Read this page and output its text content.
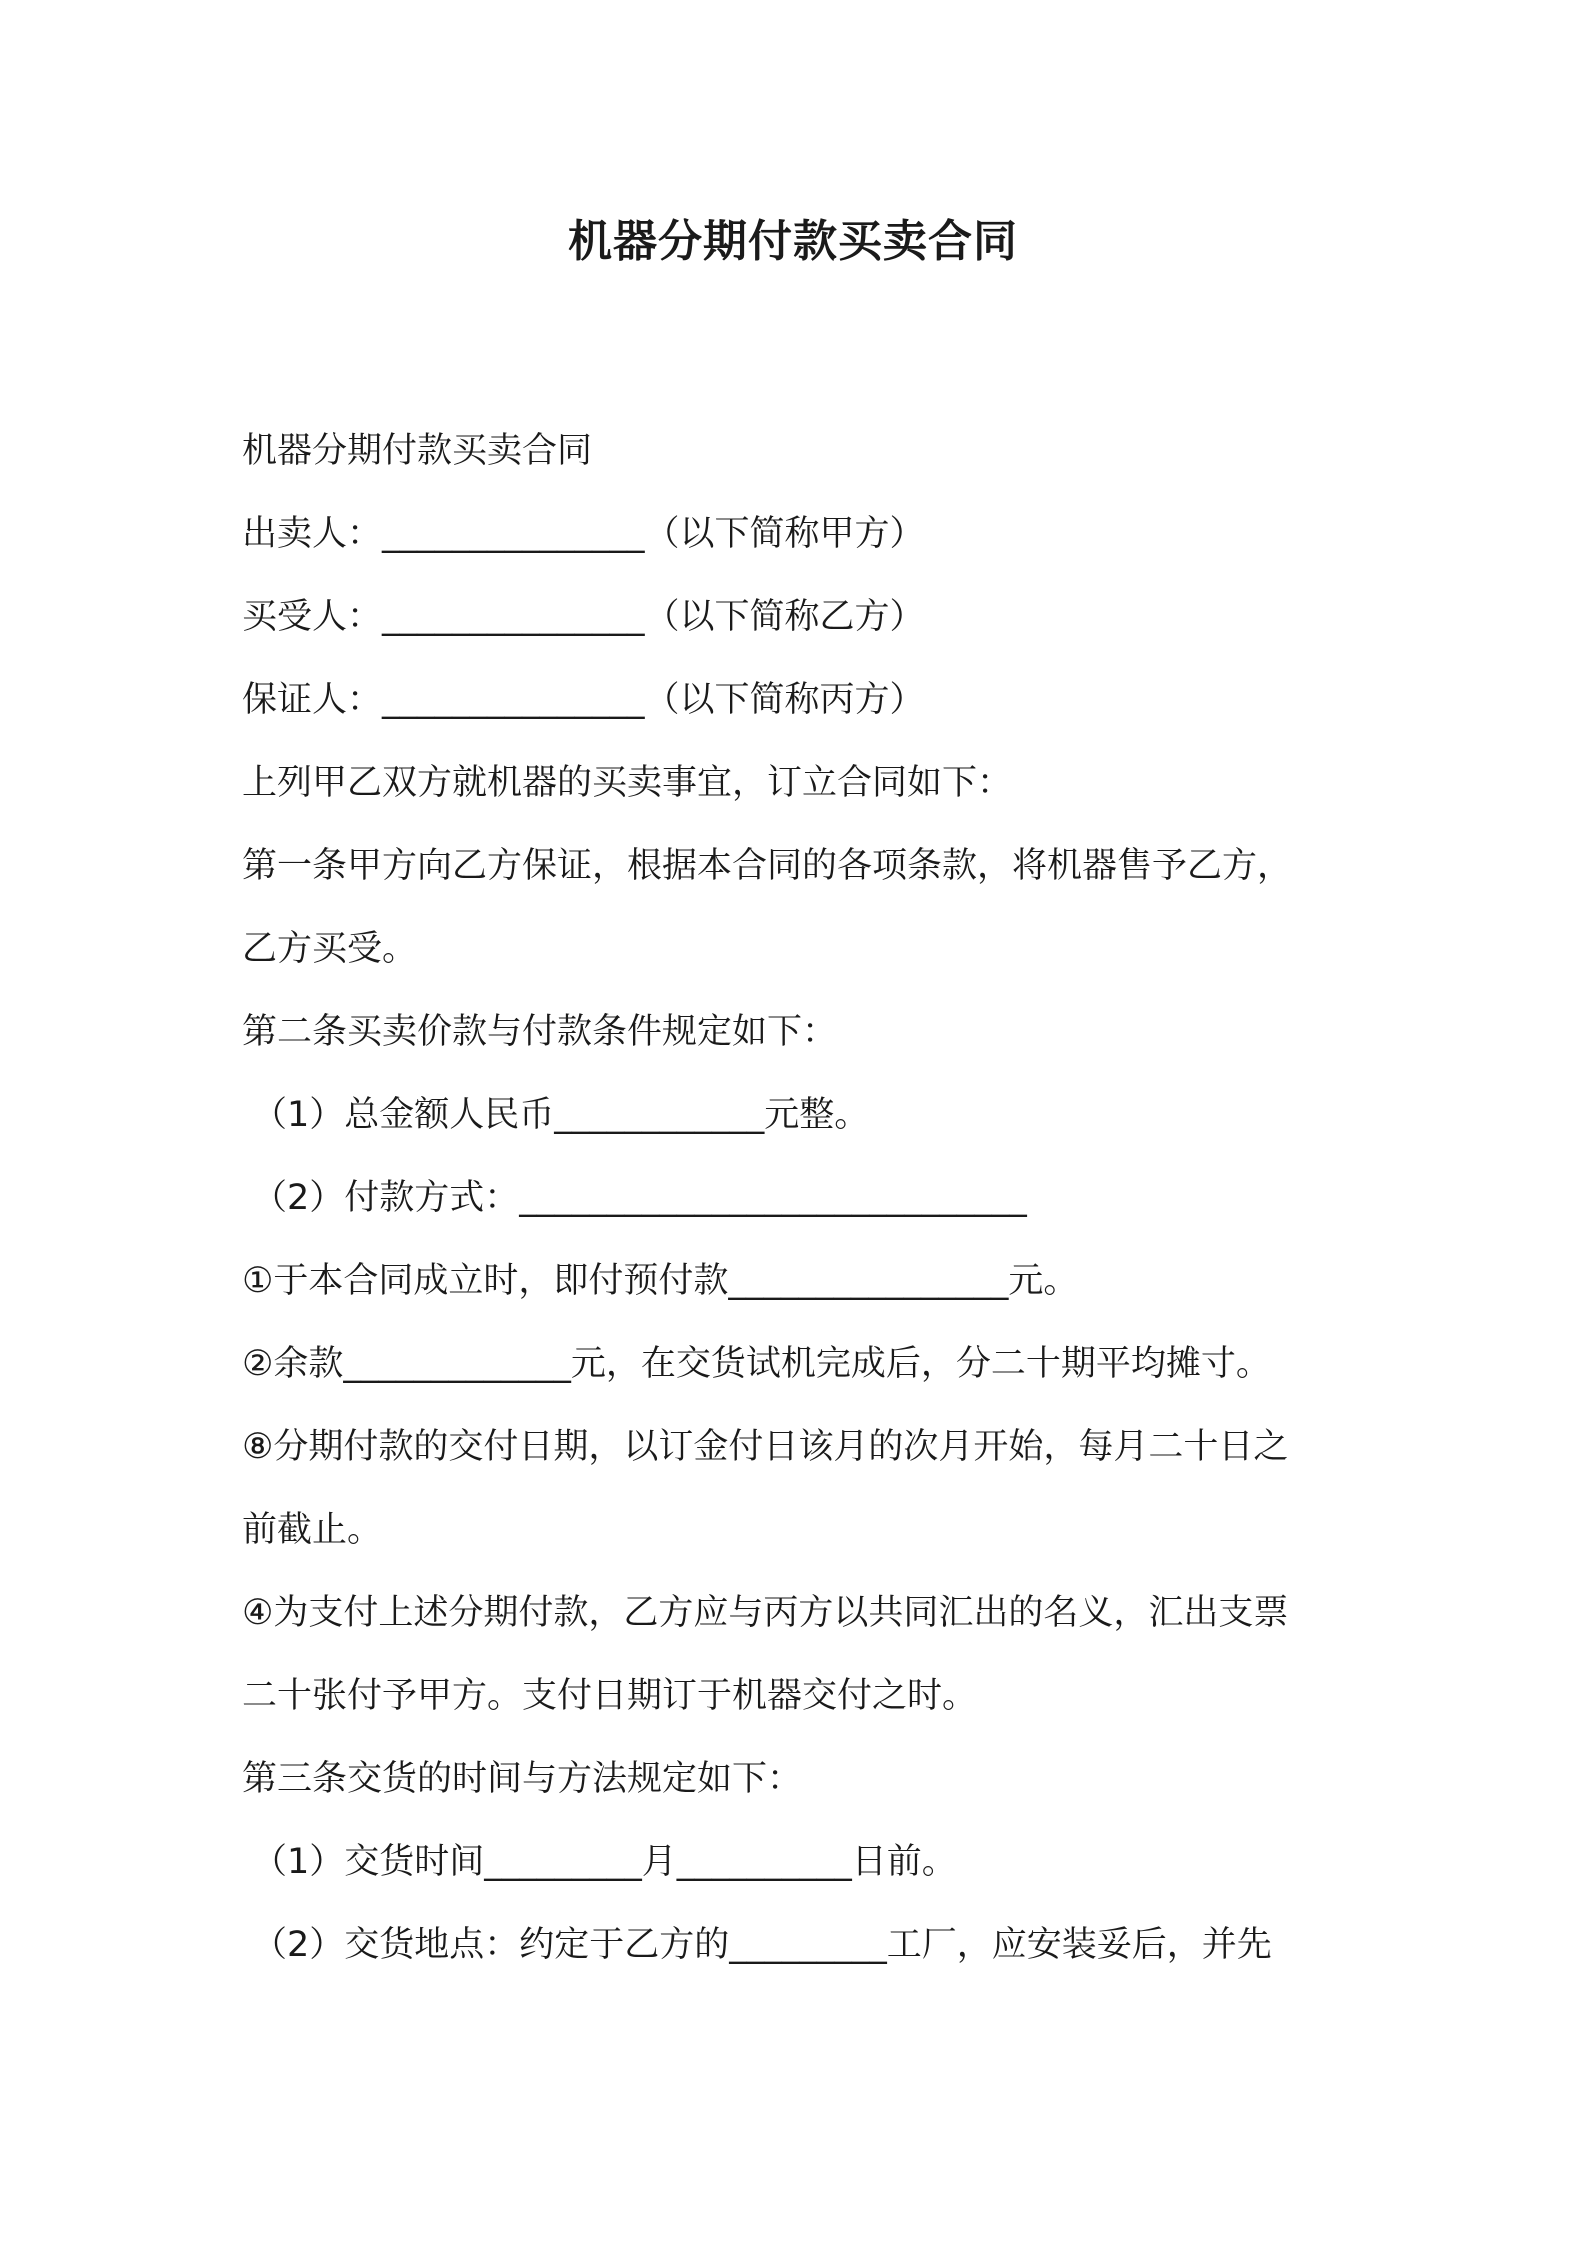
机器分期付款买卖合同
机器分期付款买卖合同
出卖人：_______________（以下简称甲方）
买受人：_______________（以下简称乙方）
保证人：_______________（以下简称丙方）
上列甲乙双方就机器的买卖事宜，订立合同如下：
第一条甲方向乙方保证，根据本合同的各项条款，将机器售予乙方，
乙方买受。
第二条买卖价款与付款条件规定如下：
（1）总金额人民币____________元整。
（2）付款方式：_____________________________
①于本合同成立时，即付预付款________________元。
②余款_____________元，在交货试机完成后，分二十期平均摊寸。
⑧分期付款的交付日期，以订金付日该月的次月开始，每月二十日之
前截止。
④为支付上述分期付款，乙方应与丙方以共同汇出的名义，汇出支票
二十张付予甲方。支付日期订于机器交付之时。
第三条交货的时间与方法规定如下：
（1）交货时间_________月__________日前。
（2）交货地点：约定于乙方的_________工厂，应安装妥后，并先
